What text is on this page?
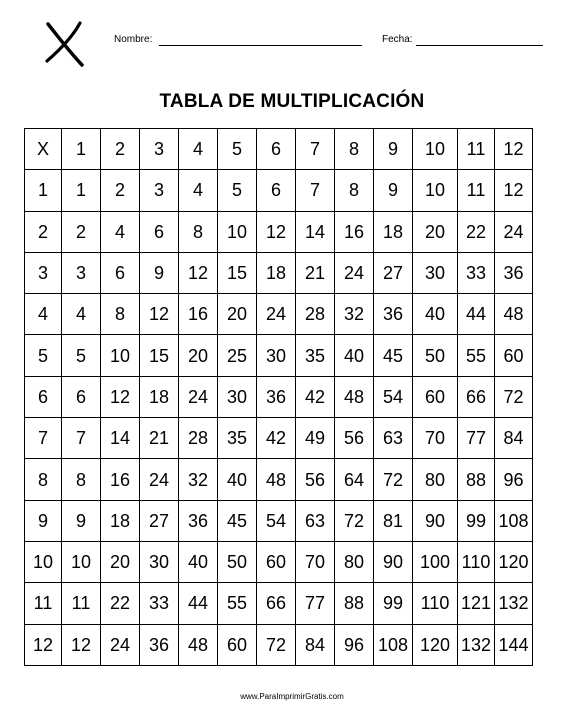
Nombre:	Fecha:
TABLA DE MULTIPLICACIÓN
X	1	2	3	4	5	6	7	8	9	10	11	12
1	1	2	3	4	5	6	7	8	9	10	11	12
2	2	4	6	8	10	12	14	16	18	20	22	24
3	3	6	9	12	15	18	21	24	27	30	33	36
4	4	8	12	16	20	24	28	32	36	40	44	48
5	5	10	15	20	25	30	35	40	45	50	55	60
6	6	12	18	24	30	36	42	48	54	60	66	72
7	7	14	21	28	35	42	49	56	63	70	77	84
8	8	16	24	32	40	48	56	64	72	80	88	96
9	9	18	27	36	45	54	63	72	81	90	99	108
10	10	20	30	40	50	60	70	80	90	100	110	120
11	11	22	33	44	55	66	77	88	99	110	121	132
12	12	24	36	48	60	72	84	96	108	120	132	144
www.ParaImprimirGratis.com
